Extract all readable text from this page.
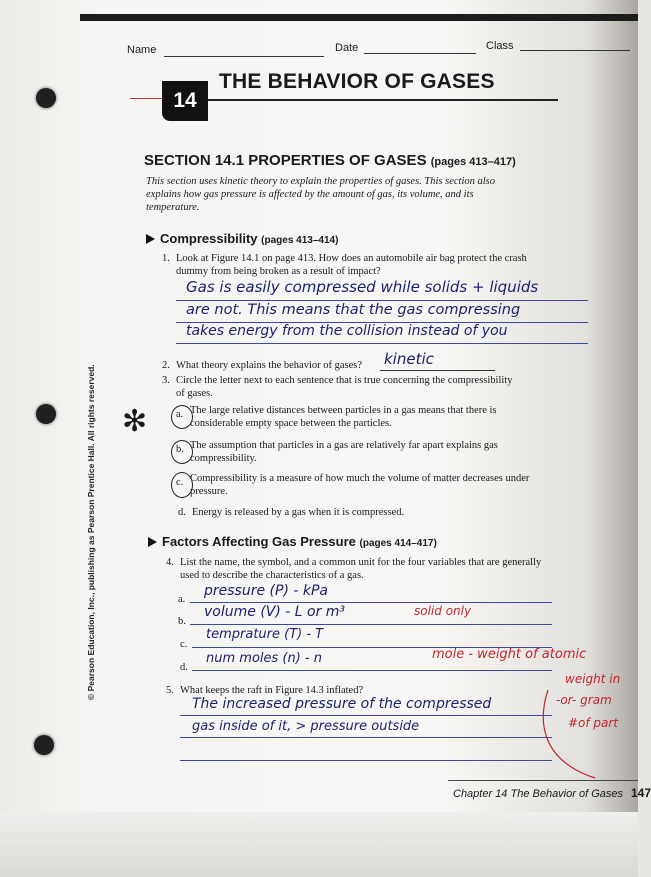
Name	Date	Class
14
THE BEHAVIOR OF GASES
SECTION 14.1 PROPERTIES OF GASES (pages 413–417)
This section uses kinetic theory to explain the properties of gases. This section also explains how gas pressure is affected by the amount of gas, its volume, and its temperature.
Compressibility (pages 413–414)
1. Look at Figure 14.1 on page 413. How does an automobile air bag protect the crash dummy from being broken as a result of impact?
Gas is easily compressed while solids + liquids
are not. This means that the gas compressing
takes energy from the collision instead of you
2. What theory explains the behavior of gases? kinetic
3. Circle the letter next to each sentence that is true concerning the compressibility of gases.
✻	a. The large relative distances between particles in a gas means that there is considerable empty space between the particles.
b. The assumption that particles in a gas are relatively far apart explains gas compressibility.
c. Compressibility is a measure of how much the volume of matter decreases under pressure.
d. Energy is released by a gas when it is compressed.
Factors Affecting Gas Pressure (pages 414–417)
4. List the name, the symbol, and a common unit for the four variables that are generally used to describe the characteristics of a gas.
a.
pressure (P) - kPa
b.
volume (V) - L or m³	solid only
c.
temprature (T) - T
d.
num moles (n) - n	mole - weight of atomic
5. What keeps the raft in Figure 14.3 inflated?
The increased pressure of the compressed
gas inside of it, > pressure outside
weight in
-or- gram
#of part
© Pearson Education, Inc., publishing as Pearson Prentice Hall. All rights reserved.
Chapter 14 The Behavior of Gases 147
